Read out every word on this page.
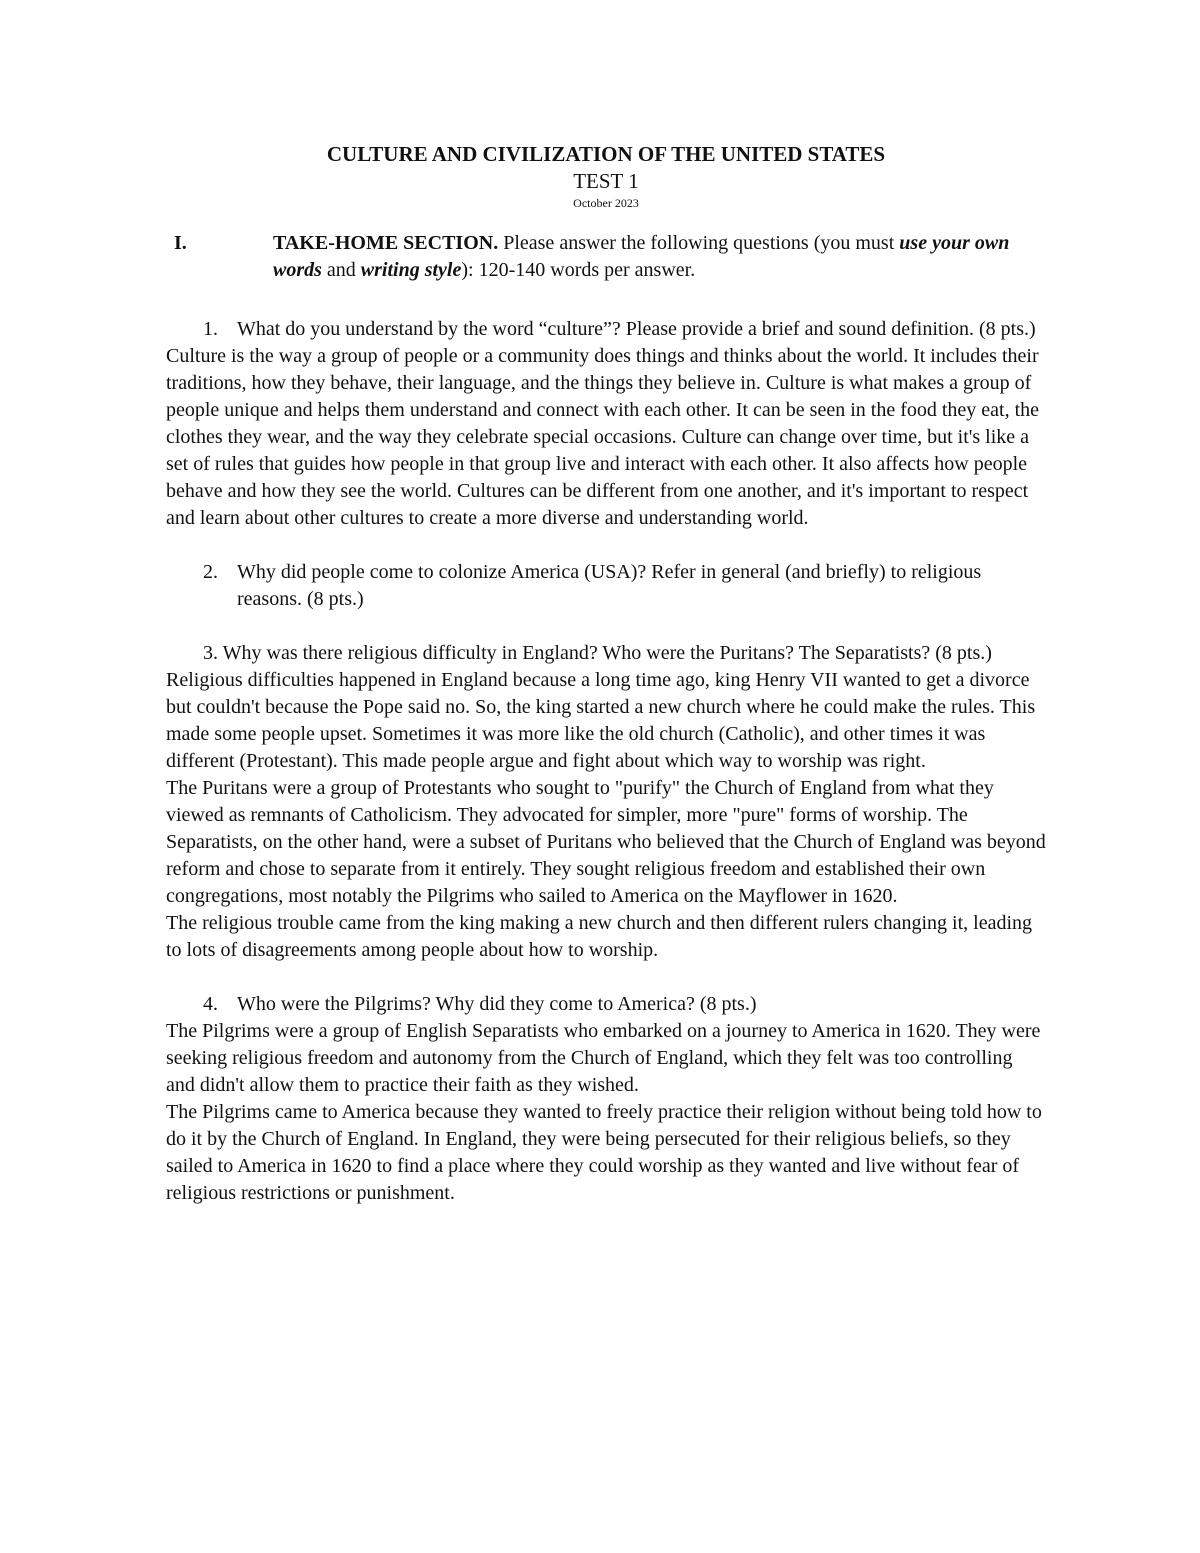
CULTURE AND CIVILIZATION OF THE UNITED STATES

TEST 1

October 2023

I.	TAKE-HOME SECTION. Please answer the following questions (you must use your own words and writing style): 120-140 words per answer.
1. What do you understand by the word “culture”? Please provide a brief and sound definition. (8 pts.)

Culture is the way a group of people or a community does things and thinks about the world. It includes their traditions, how they behave, their language, and the things they believe in. Culture is what makes a group of people unique and helps them understand and connect with each other. It can be seen in the food they eat, the clothes they wear, and the way they celebrate special occasions. Culture can change over time, but it's like a set of rules that guides how people in that group live and interact with each other. It also affects how people behave and how they see the world. Cultures can be different from one another, and it's important to respect and learn about other cultures to create a more diverse and understanding world.

2. Why did people come to colonize America (USA)? Refer in general (and briefly) to religious reasons. (8 pts.)
3. Why was there religious difficulty in England? Who were the Puritans? The Separatists? (8 pts.)

Religious difficulties happened in England because a long time ago, king Henry VII wanted to get a divorce but couldn't because the Pope said no. So, the king started a new church where he could make the rules. This made some people upset. Sometimes it was more like the old church (Catholic), and other times it was different (Protestant). This made people argue and fight about which way to worship was right.

The Puritans were a group of Protestants who sought to "purify" the Church of England from what they viewed as remnants of Catholicism. They advocated for simpler, more "pure" forms of worship. The Separatists, on the other hand, were a subset of Puritans who believed that the Church of England was beyond reform and chose to separate from it entirely. They sought religious freedom and established their own congregations, most notably the Pilgrims who sailed to America on the Mayflower in 1620.

The religious trouble came from the king making a new church and then different rulers changing it, leading to lots of disagreements among people about how to worship.

4. Who were the Pilgrims? Why did they come to America? (8 pts.)

The Pilgrims were a group of English Separatists who embarked on a journey to America in 1620. They were seeking religious freedom and autonomy from the Church of England, which they felt was too controlling and didn't allow them to practice their faith as they wished.

The Pilgrims came to America because they wanted to freely practice their religion without being told how to do it by the Church of England. In England, they were being persecuted for their religious beliefs, so they sailed to America in 1620 to find a place where they could worship as they wanted and live without fear of religious restrictions or punishment.
